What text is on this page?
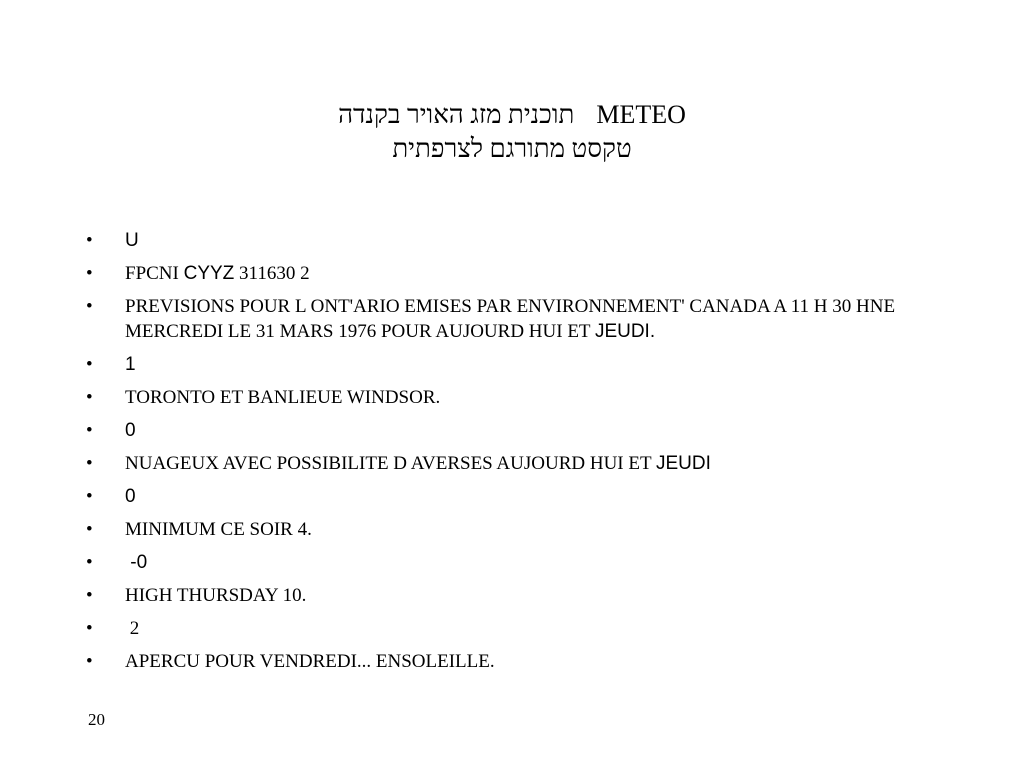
תוכנית מזג האויר בקנדה METEO
טקסט מתורגם לצרפתית
• U
• FPCNI CYYZ 311630 2
• PREVISIONS POUR L ONT'ARIO EMISES PAR ENVIRONNEMENT' CANADA A 11 H 30 HNE MERCREDI LE 31 MARS 1976 POUR AUJOURD HUI ET JEUDI.
• 1
• TORONTO ET BANLIEUE WINDSOR.
• 0
• NUAGEUX AVEC POSSIBILITE D AVERSES AUJOURD HUI ET JEUDI
• 0
• MINIMUM CE SOIR 4.
• -0
• HIGH THURSDAY 10.
• 2
• APERCU POUR VENDREDI... ENSOLEILLE.
20
